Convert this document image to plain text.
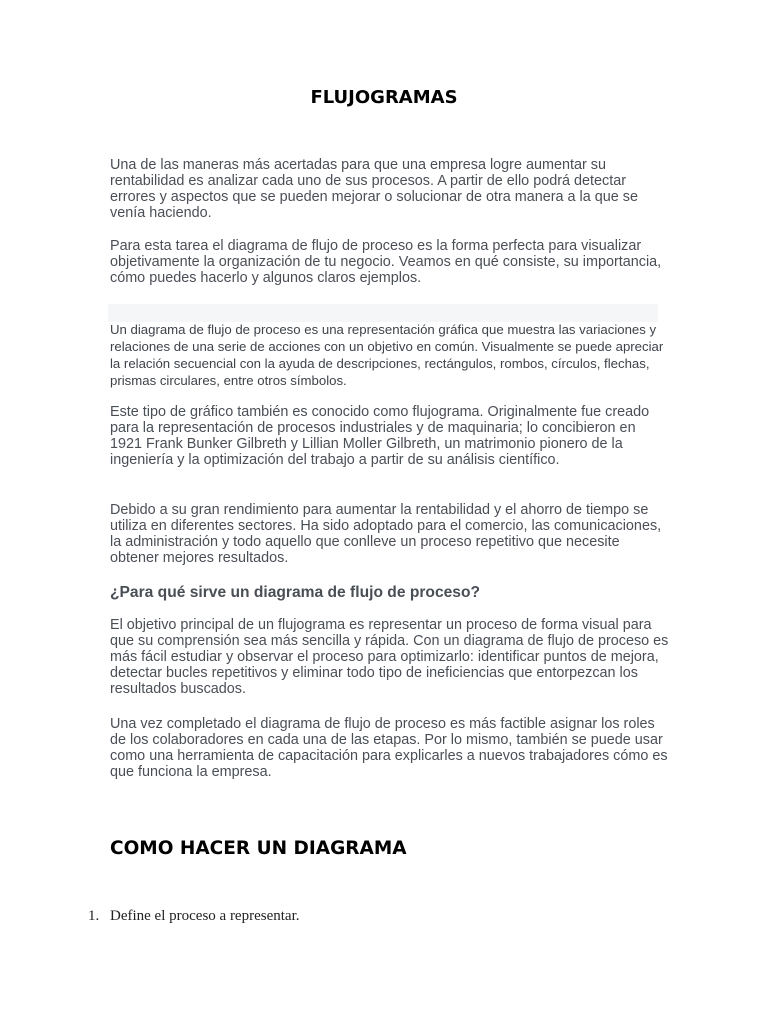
FLUJOGRAMAS

Una de las maneras más acertadas para que una empresa logre aumentar su rentabilidad es analizar cada uno de sus procesos. A partir de ello podrá detectar errores y aspectos que se pueden mejorar o solucionar de otra manera a la que se venía haciendo.

Para esta tarea el diagrama de flujo de proceso es la forma perfecta para visualizar objetivamente la organización de tu negocio. Veamos en qué consiste, su importancia, cómo puedes hacerlo y algunos claros ejemplos.

Un diagrama de flujo de proceso es una representación gráfica que muestra las variaciones y relaciones de una serie de acciones con un objetivo en común. Visualmente se puede apreciar la relación secuencial con la ayuda de descripciones, rectángulos, rombos, círculos, flechas, prismas circulares, entre otros símbolos.

Este tipo de gráfico también es conocido como flujograma. Originalmente fue creado para la representación de procesos industriales y de maquinaria; lo concibieron en 1921 Frank Bunker Gilbreth y Lillian Moller Gilbreth, un matrimonio pionero de la ingeniería y la optimización del trabajo a partir de su análisis científico.

Debido a su gran rendimiento para aumentar la rentabilidad y el ahorro de tiempo se utiliza en diferentes sectores. Ha sido adoptado para el comercio, las comunicaciones, la administración y todo aquello que conlleve un proceso repetitivo que necesite obtener mejores resultados.

¿Para qué sirve un diagrama de flujo de proceso?

El objetivo principal de un flujograma es representar un proceso de forma visual para que su comprensión sea más sencilla y rápida. Con un diagrama de flujo de proceso es más fácil estudiar y observar el proceso para optimizarlo: identificar puntos de mejora, detectar bucles repetitivos y eliminar todo tipo de ineficiencias que entorpezcan los resultados buscados.

Una vez completado el diagrama de flujo de proceso es más factible asignar los roles de los colaboradores en cada una de las etapas. Por lo mismo, también se puede usar como una herramienta de capacitación para explicarles a nuevos trabajadores cómo es que funciona la empresa.

COMO HACER UN DIAGRAMA

1. Define el proceso a representar.
